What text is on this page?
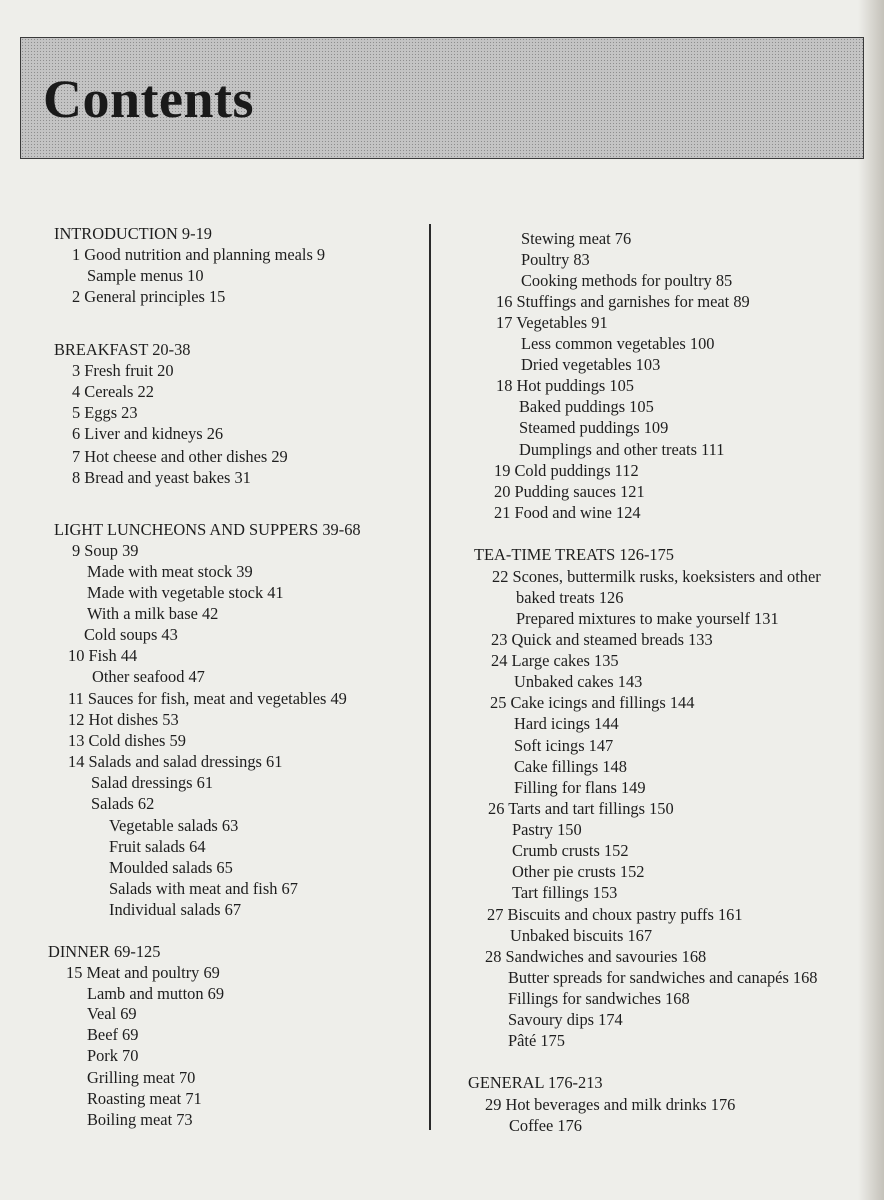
Contents
INTRODUCTION 9-19
1 Good nutrition and planning meals 9
Sample menus 10
2 General principles 15
BREAKFAST 20-38
3 Fresh fruit 20
4 Cereals 22
5 Eggs 23
6 Liver and kidneys 26
7 Hot cheese and other dishes 29
8 Bread and yeast bakes 31
LIGHT LUNCHEONS AND SUPPERS 39-68
9 Soup 39
Made with meat stock 39
Made with vegetable stock 41
With a milk base 42
Cold soups 43
10 Fish 44
Other seafood 47
11 Sauces for fish, meat and vegetables 49
12 Hot dishes 53
13 Cold dishes 59
14 Salads and salad dressings 61
Salad dressings 61
Salads 62
Vegetable salads 63
Fruit salads 64
Moulded salads 65
Salads with meat and fish 67
Individual salads 67
DINNER 69-125
15 Meat and poultry 69
Lamb and mutton 69
Veal 69
Beef 69
Pork 70
Grilling meat 70
Roasting meat 71
Boiling meat 73
Stewing meat 76
Poultry 83
Cooking methods for poultry 85
16 Stuffings and garnishes for meat 89
17 Vegetables 91
Less common vegetables 100
Dried vegetables 103
18 Hot puddings 105
Baked puddings 105
Steamed puddings 109
Dumplings and other treats 111
19 Cold puddings 112
20 Pudding sauces 121
21 Food and wine 124
TEA-TIME TREATS 126-175
22 Scones, buttermilk rusks, koeksisters and other
baked treats 126
Prepared mixtures to make yourself 131
23 Quick and steamed breads 133
24 Large cakes 135
Unbaked cakes 143
25 Cake icings and fillings 144
Hard icings 144
Soft icings 147
Cake fillings 148
Filling for flans 149
26 Tarts and tart fillings 150
Pastry 150
Crumb crusts 152
Other pie crusts 152
Tart fillings 153
27 Biscuits and choux pastry puffs 161
Unbaked biscuits 167
28 Sandwiches and savouries 168
Butter spreads for sandwiches and canapés 168
Fillings for sandwiches 168
Savoury dips 174
Pâté 175
GENERAL 176-213
29 Hot beverages and milk drinks 176
Coffee 176
